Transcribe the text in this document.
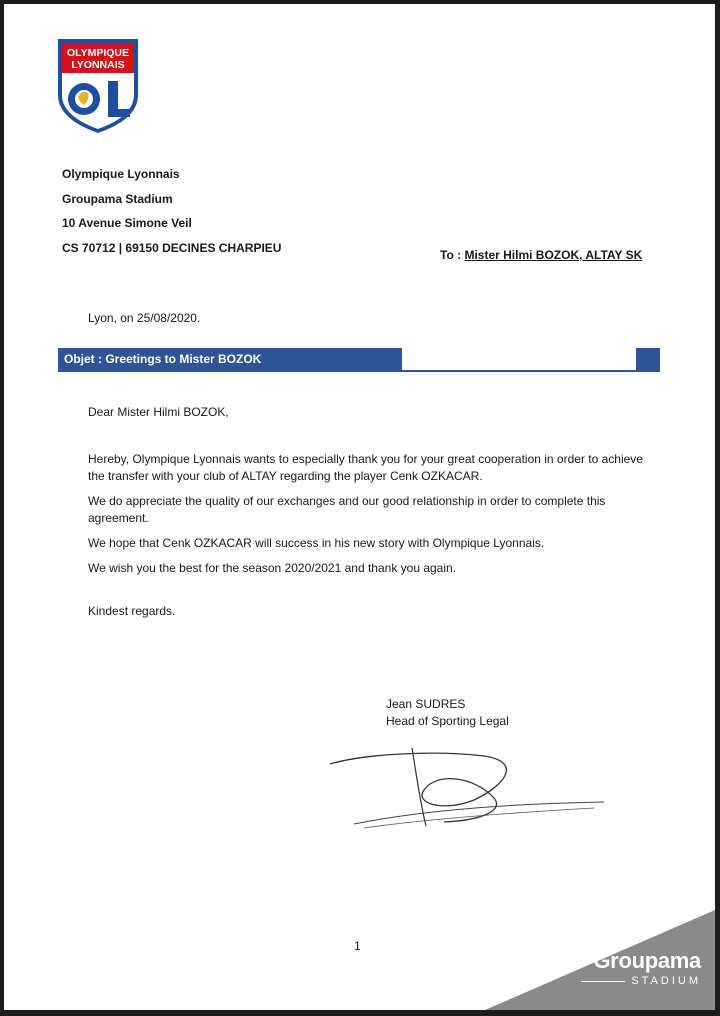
OLYMPIQUE
LYONNAIS
Olympique Lyonnais
Groupama Stadium
10 Avenue Simone Veil
CS 70712 | 69150 DECINES CHARPIEU
To : Mister Hilmi BOZOK, ALTAY SK
Lyon, on 25/08/2020.
Objet : Greetings to Mister BOZOK

Dear Mister Hilmi BOZOK,

Hereby, Olympique Lyonnais wants to especially thank you for your great cooperation in order to achieve the transfer with your club of ALTAY regarding the player Cenk OZKACAR.

We do appreciate the quality of our exchanges and our good relationship in order to complete this agreement.

We hope that Cenk OZKACAR will success in his new story with Olympique Lyonnais.

We wish you the best for the season 2020/2021 and thank you again.

Kindest regards.

Jean SUDRES
Head of Sporting Legal
1
Groupama
STADIUM
